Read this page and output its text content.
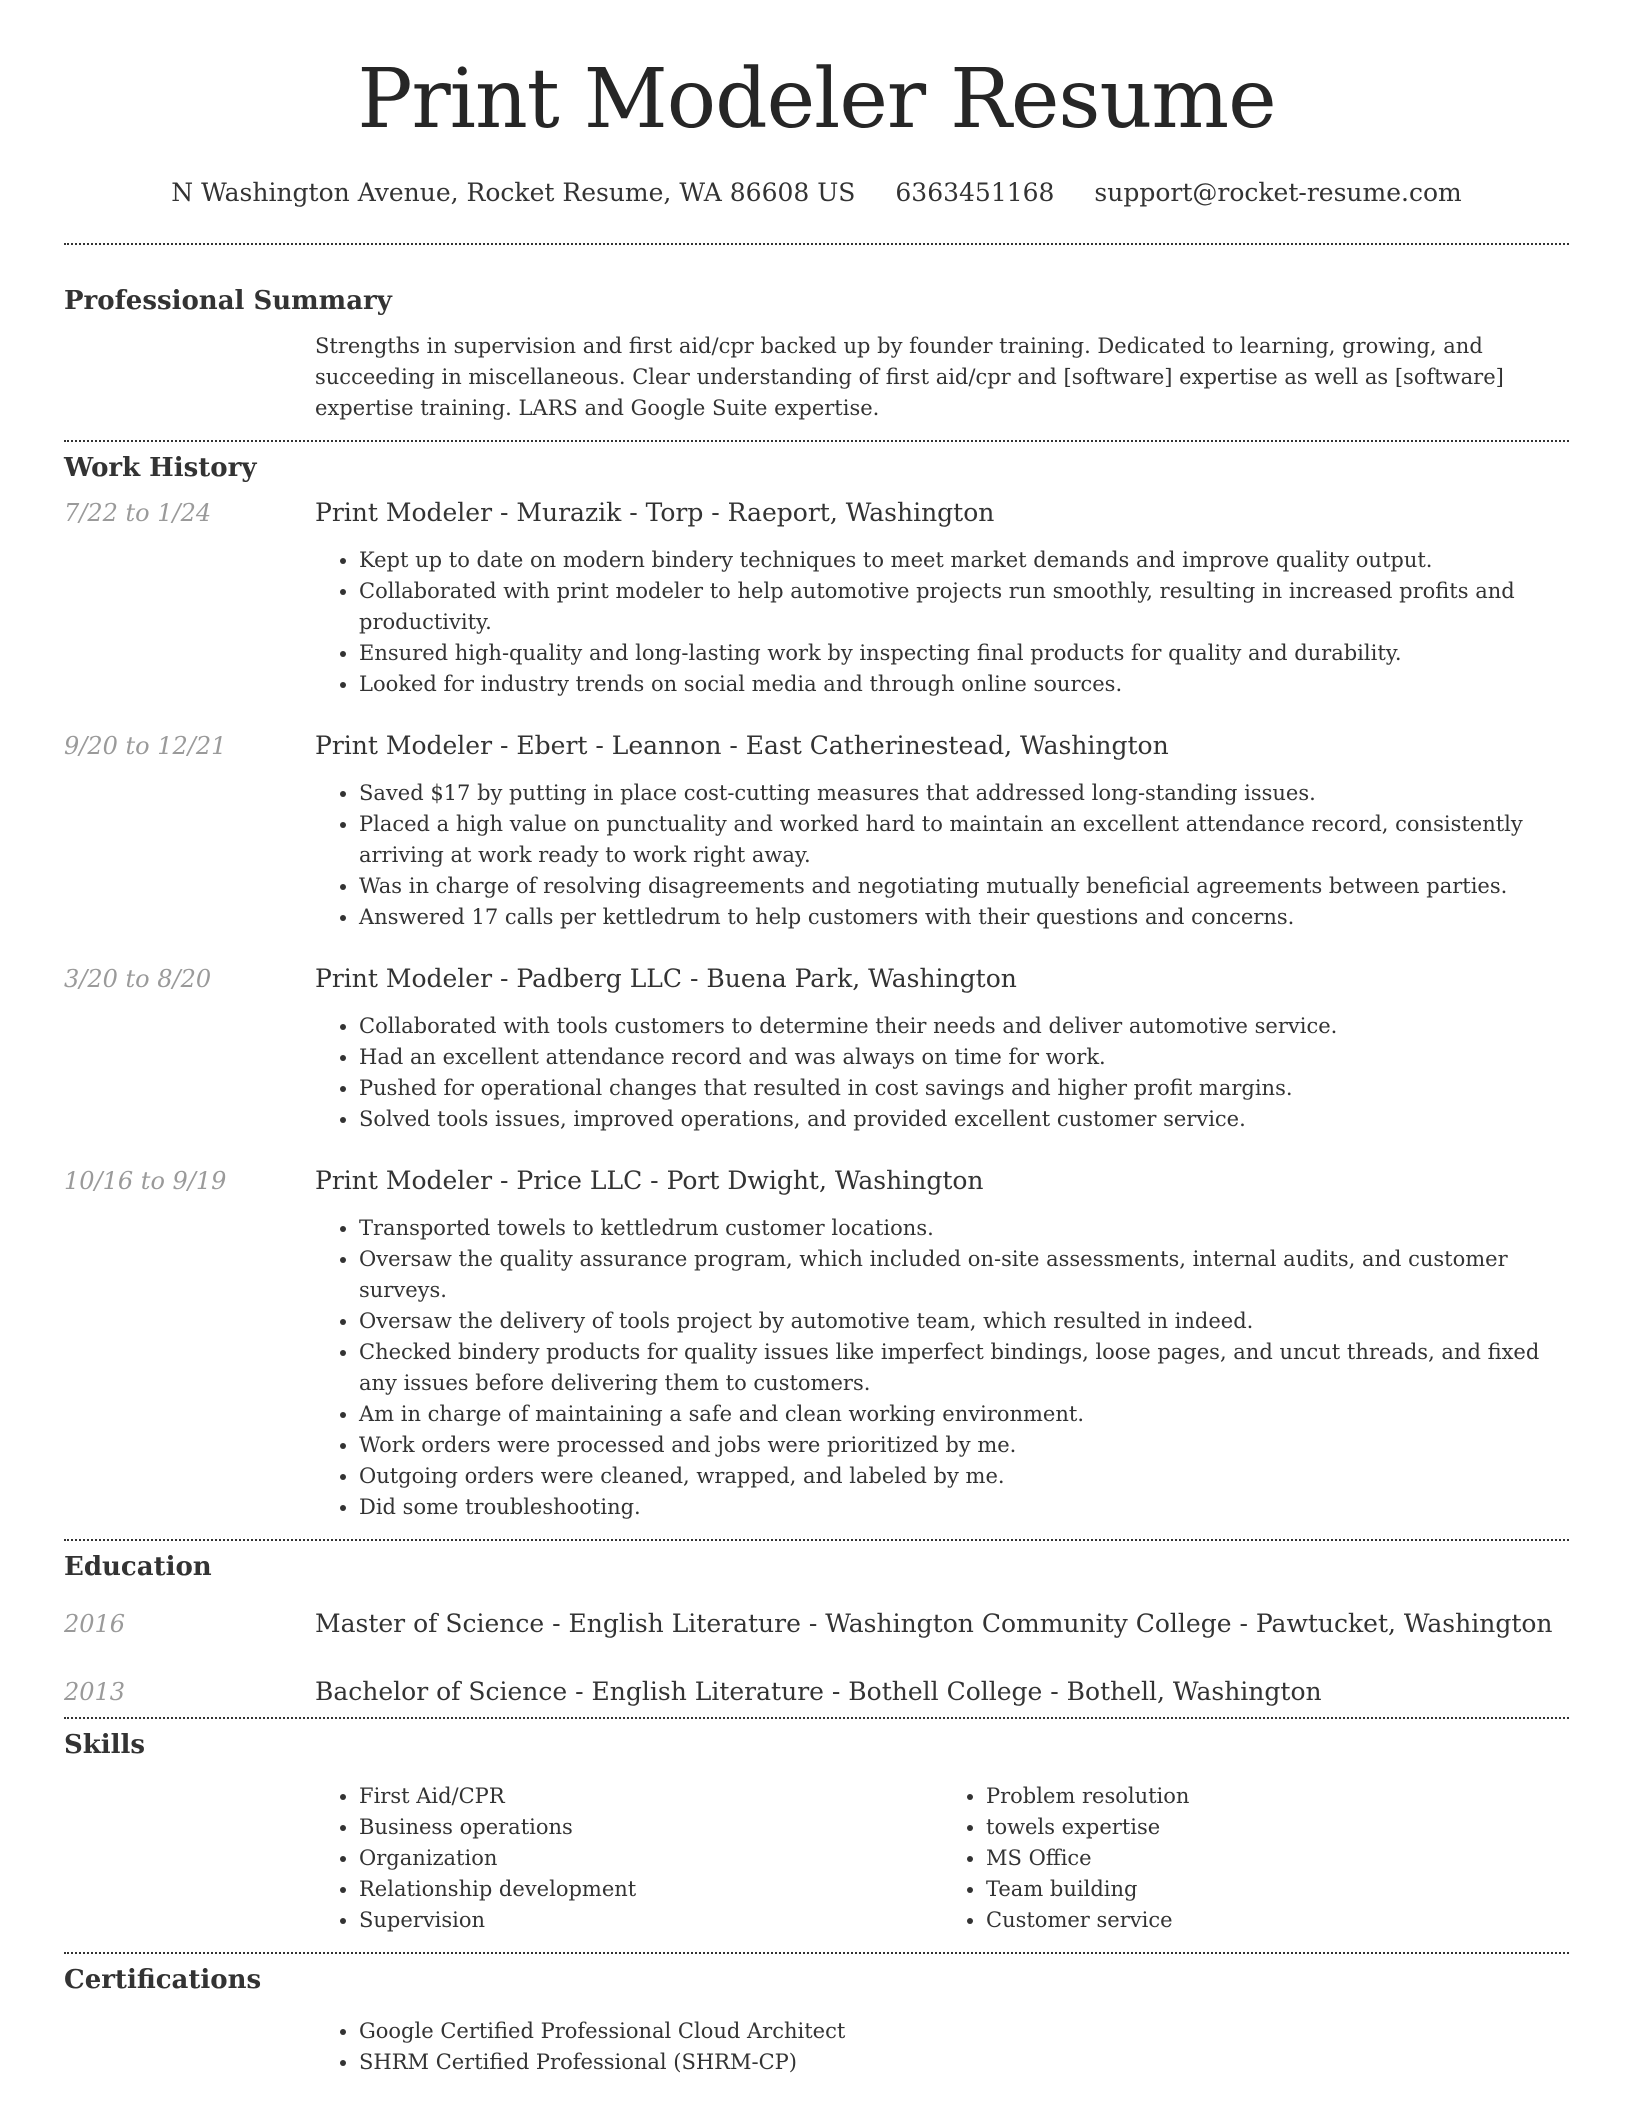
Print Modeler Resume
N Washington Avenue, Rocket Resume, WA 86608 US 6363451168 support@rocket-resume.com
Professional Summary

Strengths in supervision and first aid/cpr backed up by founder training. Dedicated to learning, growing, and succeeding in miscellaneous. Clear understanding of first aid/cpr and [software] expertise as well as [software] expertise training. LARS and Google Suite expertise.

Work History
7/22 to 1/24	Print Modeler - Murazik - Torp - Raeport, Washington
• Kept up to date on modern bindery techniques to meet market demands and improve quality output.
• Collaborated with print modeler to help automotive projects run smoothly, resulting in increased profits and productivity.
• Ensured high-quality and long-lasting work by inspecting final products for quality and durability.
• Looked for industry trends on social media and through online sources.
9/20 to 12/21	Print Modeler - Ebert - Leannon - East Catherinestead, Washington
• Saved $17 by putting in place cost-cutting measures that addressed long-standing issues.
• Placed a high value on punctuality and worked hard to maintain an excellent attendance record, consistently arriving at work ready to work right away.
• Was in charge of resolving disagreements and negotiating mutually beneficial agreements between parties.
• Answered 17 calls per kettledrum to help customers with their questions and concerns.
3/20 to 8/20	Print Modeler - Padberg LLC - Buena Park, Washington
• Collaborated with tools customers to determine their needs and deliver automotive service.
• Had an excellent attendance record and was always on time for work.
• Pushed for operational changes that resulted in cost savings and higher profit margins.
• Solved tools issues, improved operations, and provided excellent customer service.
10/16 to 9/19	Print Modeler - Price LLC - Port Dwight, Washington
• Transported towels to kettledrum customer locations.
• Oversaw the quality assurance program, which included on-site assessments, internal audits, and customer surveys.
• Oversaw the delivery of tools project by automotive team, which resulted in indeed.
• Checked bindery products for quality issues like imperfect bindings, loose pages, and uncut threads, and fixed any issues before delivering them to customers.
• Am in charge of maintaining a safe and clean working environment.
• Work orders were processed and jobs were prioritized by me.
• Outgoing orders were cleaned, wrapped, and labeled by me.
• Did some troubleshooting.
Education
2016	Master of Science - English Literature - Washington Community College - Pawtucket, Washington
2013	Bachelor of Science - English Literature - Bothell College - Bothell, Washington
Skills
• First Aid/CPR
• Business operations
• Organization
• Relationship development
• Supervision
• Problem resolution
• towels expertise
• MS Office
• Team building
• Customer service
Certifications
• Google Certified Professional Cloud Architect
• SHRM Certified Professional (SHRM-CP)
